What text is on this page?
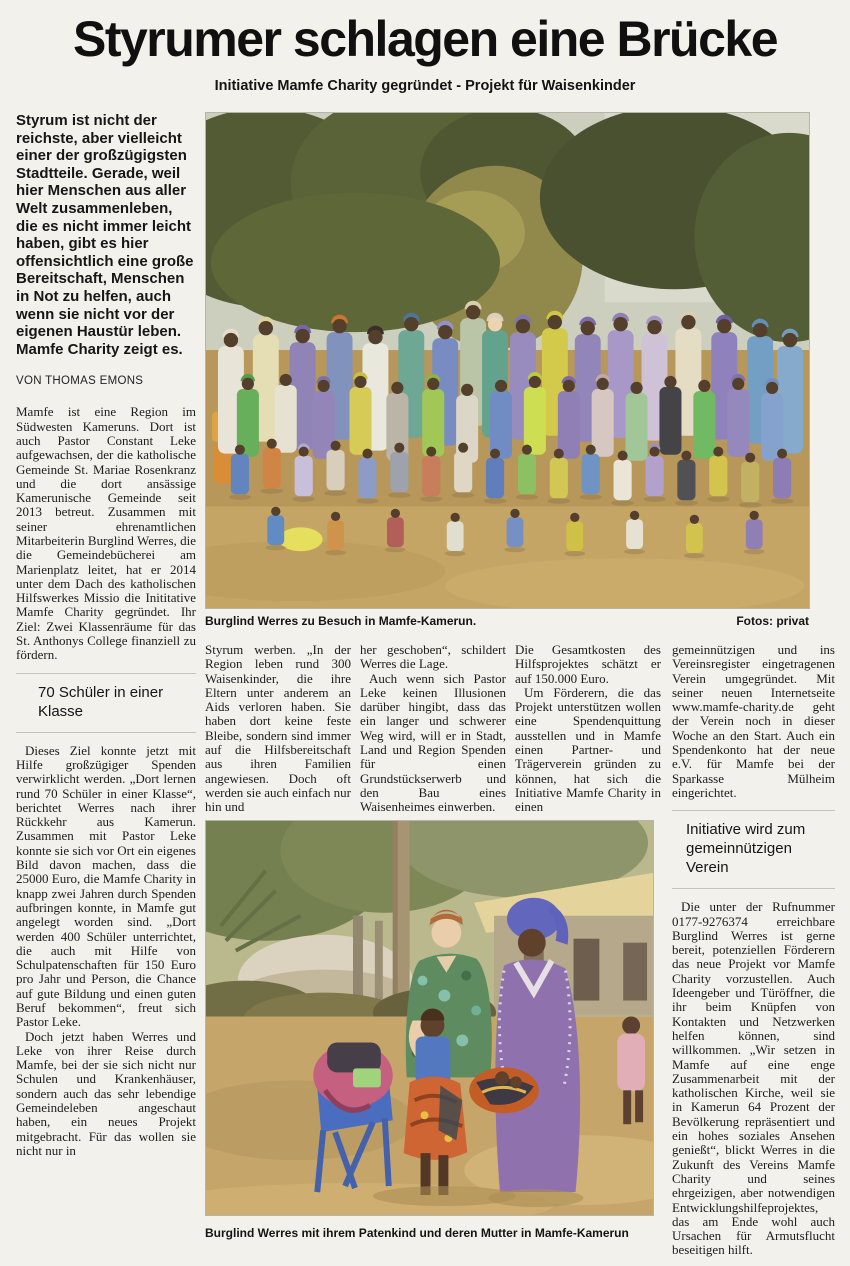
Styrumer schlagen eine Brücke
Initiative Mamfe Charity gegründet - Projekt für Waisenkinder

Styrum ist nicht der reichste, aber vielleicht einer der großzügigsten Stadtteile. Gerade, weil hier Menschen aus aller Welt zusammenleben, die es nicht immer leicht haben, gibt es hier offensichtlich eine große Bereitschaft, Menschen in Not zu helfen, auch wenn sie nicht vor der eigenen Haustür leben. Mamfe Charity zeigt es.

VON THOMAS EMONS

Mamfe ist eine Region im Südwesten Kameruns. Dort ist auch Pastor Constant Leke aufgewachsen, der die katholische Gemeinde St. Mariae Rosenkranz und die dort ansässige Kamerunische Gemeinde seit 2013 betreut. Zusammen mit seiner ehrenamtlichen Mitarbeiterin Burglind Werres, die die Gemeindebücherei am Marienplatz leitet, hat er 2014 unter dem Dach des katholischen Hilfswerkes Missio die Inititative Mamfe Charity gegründet. Ihr Ziel: Zwei Klassenräume für das St. Anthonys College finanziell zu fördern.

70 Schüler in einer Klasse

Dieses Ziel konnte jetzt mit Hilfe großzügiger Spenden verwirklicht werden. „Dort lernen rund 70 Schüler in einer Klasse“, berichtet Werres nach ihrer Rückkehr aus Kamerun. Zusammen mit Pastor Leke konnte sie sich vor Ort ein eigenes Bild davon machen, dass die 25000 Euro, die Mamfe Charity in knapp zwei Jahren durch Spenden aufbringen konnte, in Mamfe gut angelegt worden sind. „Dort werden 400 Schüler unterrichtet, die auch mit Hilfe von Schulpatenschaften für 150 Euro pro Jahr und Person, die Chance auf gute Bildung und einen guten Beruf bekommen“, freut sich Pastor Leke.

Doch jetzt haben Werres und Leke von ihrer Reise durch Mamfe, bei der sie sich nicht nur Schulen und Krankenhäuser, sondern auch das sehr lebendige Gemeindeleben angeschaut haben, ein neues Projekt mitgebracht. Für das wollen sie nicht nur in

Burglind Werres zu Besuch in Mamfe-Kamerun.	Fotos: privat

Styrum werben. „In der Region leben rund 300 Waisenkinder, die ihre Eltern unter anderem an Aids verloren haben. Sie haben dort keine feste Bleibe, sondern sind immer auf die Hilfsbereitschaft aus ihren Familien angewiesen. Doch oft werden sie auch einfach nur hin und

her geschoben“, schildert Werres die Lage.

Auch wenn sich Pastor Leke keinen Illusionen darüber hingibt, dass das ein langer und schwerer Weg wird, will er in Stadt, Land und Region Spenden für einen Grundstückserwerb und den Bau eines Waisenheimes einwerben.

Die Gesamtkosten des Hilfsprojektes schätzt er auf 150.000 Euro.

Um Förderern, die das Projekt unterstützen wollen eine Spendenquittung ausstellen und in Mamfe einen Partner- und Trägerverein gründen zu können, hat sich die Initiative Mamfe Charity in einen

gemeinnützigen und ins Vereinsregister eingetragenen Verein umgegründet. Mit seiner neuen Internetseite www.mamfe-charity.de geht der Verein noch in dieser Woche an den Start. Auch ein Spendenkonto hat der neue e.V. für Mamfe bei der Sparkasse Mülheim eingerichtet.

Initiative wird zum gemeinnützigen Verein

Die unter der Rufnummer 0177-9276374 erreichbare Burglind Werres ist gerne bereit, potenziellen Förderern das neue Projekt vor Mamfe Charity vorzustellen. Auch Ideengeber und Türöffner, die ihr beim Knüpfen von Kontakten und Netzwerken helfen können, sind willkommen. „Wir setzen in Mamfe auf eine enge Zusammenarbeit mit der katholischen Kirche, weil sie in Kamerun 64 Prozent der Bevölkerung repräsentiert und ein hohes soziales Ansehen genießt“, blickt Werres in die Zukunft des Vereins Mamfe Charity und seines ehrgeizigen, aber notwendigen Entwicklungshilfeprojektes, das am Ende wohl auch Ursachen für Armutsflucht beseitigen hilft.

Burglind Werres mit ihrem Patenkind und deren Mutter in Mamfe-Kamerun
